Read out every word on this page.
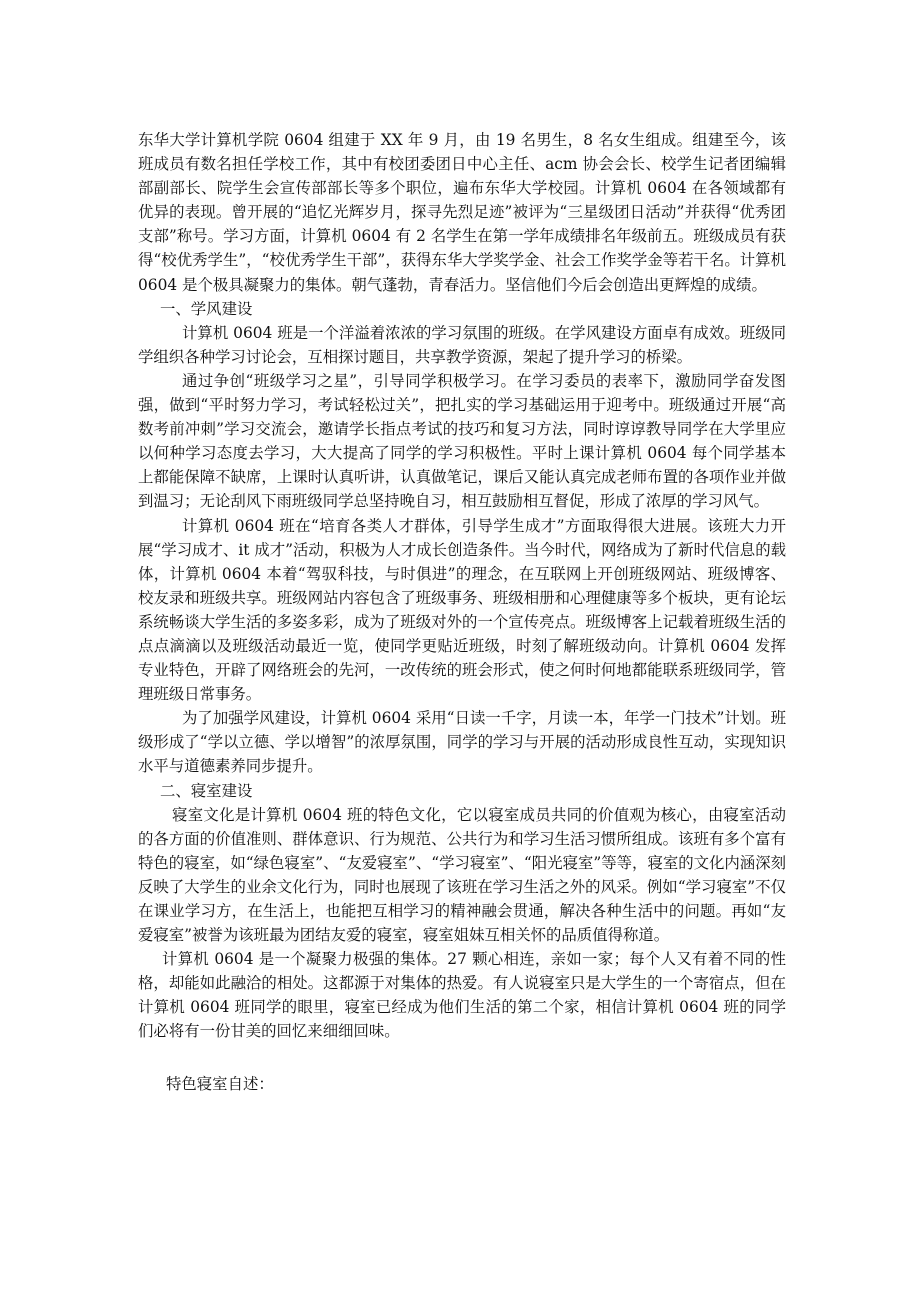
东华大学计算机学院 0604 组建于 XX 年 9 月，由 19 名男生，8 名女生组成。组建至今，该班成员有数名担任学校工作，其中有校团委团日中心主任、acm 协会会长、校学生记者团编辑部副部长、院学生会宣传部部长等多个职位，遍布东华大学校园。计算机 0604 在各领域都有优异的表现。曾开展的“追忆光辉岁月，探寻先烈足迹”被评为“三星级团日活动”并获得“优秀团支部”称号。学习方面，计算机 0604 有 2 名学生在第一学年成绩排名年级前五。班级成员有获得“校优秀学生”，“校优秀学生干部”，获得东华大学奖学金、社会工作奖学金等若干名。计算机 0604 是个极具凝聚力的集体。朝气蓬勃，青春活力。坚信他们今后会创造出更辉煌的成绩。

一、学风建设

计算机 0604 班是一个洋溢着浓浓的学习氛围的班级。在学风建设方面卓有成效。班级同学组织各种学习讨论会，互相探讨题目，共享教学资源，架起了提升学习的桥梁。

通过争创“班级学习之星”，引导同学积极学习。在学习委员的表率下，激励同学奋发图强，做到“平时努力学习，考试轻松过关”，把扎实的学习基础运用于迎考中。班级通过开展“高数考前冲刺”学习交流会，邀请学长指点考试的技巧和复习方法，同时谆谆教导同学在大学里应以何种学习态度去学习，大大提高了同学的学习积极性。平时上课计算机 0604 每个同学基本上都能保障不缺席，上课时认真听讲，认真做笔记，课后又能认真完成老师布置的各项作业并做到温习；无论刮风下雨班级同学总坚持晚自习，相互鼓励相互督促，形成了浓厚的学习风气。

计算机 0604 班在“培育各类人才群体，引导学生成才”方面取得很大进展。该班大力开展“学习成才、it 成才”活动，积极为人才成长创造条件。当今时代，网络成为了新时代信息的载体，计算机 0604 本着“驾驭科技，与时俱进”的理念，在互联网上开创班级网站、班级博客、校友录和班级共享。班级网站内容包含了班级事务、班级相册和心理健康等多个板块，更有论坛系统畅谈大学生活的多姿多彩，成为了班级对外的一个宣传亮点。班级博客上记载着班级生活的点点滴滴以及班级活动最近一览，使同学更贴近班级，时刻了解班级动向。计算机 0604 发挥专业特色，开辟了网络班会的先河，一改传统的班会形式，使之何时何地都能联系班级同学，管理班级日常事务。

为了加强学风建设，计算机 0604 采用“日读一千字，月读一本，年学一门技术”计划。班级形成了“学以立德、学以增智”的浓厚氛围，同学的学习与开展的活动形成良性互动，实现知识水平与道德素养同步提升。

二、寝室建设

寝室文化是计算机 0604 班的特色文化，它以寝室成员共同的价值观为核心，由寝室活动的各方面的价值准则、群体意识、行为规范、公共行为和学习生活习惯所组成。该班有多个富有特色的寝室，如“绿色寝室”、“友爱寝室”、“学习寝室”、“阳光寝室”等等，寝室的文化内涵深刻反映了大学生的业余文化行为，同时也展现了该班在学习生活之外的风采。例如“学习寝室”不仅在课业学习方，在生活上，也能把互相学习的精神融会贯通，解决各种生活中的问题。再如“友爱寝室”被誉为该班最为团结友爱的寝室，寝室姐妹互相关怀的品质值得称道。

计算机 0604 是一个凝聚力极强的集体。27 颗心相连，亲如一家；每个人又有着不同的性格，却能如此融洽的相处。这都源于对集体的热爱。有人说寝室只是大学生的一个寄宿点，但在计算机 0604 班同学的眼里，寝室已经成为他们生活的第二个家，相信计算机 0604 班的同学们必将有一份甘美的回忆来细细回味。

特色寝室自述：
